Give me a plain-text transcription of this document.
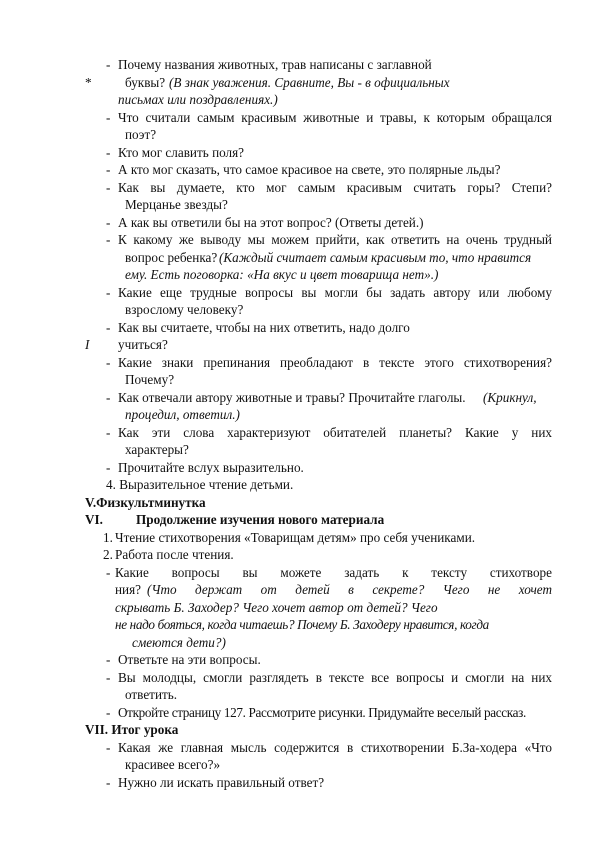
- Почему названия животных, трав написаны с заглавной
*	буквы? (В знак уважения. Сравните, Вы - в официальных
письмах или поздравлениях.)
- Что считали самым красивым животные и травы, к которым обращался
поэт?
- Кто мог славить поля?
- А кто мог сказать, что самое красивое на свете, это полярные льды?
- Как вы думаете, кто мог самым красивым считать горы? Степи?
Мерцанье звезды?
- А как вы ответили бы на этот вопрос? (Ответы детей.)
- К какому же выводу мы можем прийти, как ответить на очень трудный
вопрос ребенка? (Каждый считает самым красивым то, что нравится
ему. Есть поговорка: «На вкус и цвет товарища нет».)
- Какие еще трудные вопросы вы могли бы задать автору или любому
взрослому человеку?
- Как вы считаете, чтобы на них ответить, надо долго
I учиться?
- Какие знаки препинания преобладают в тексте этого стихотворения?
Почему?
- Как отвечали автору животные и травы? Прочитайте глаголы. (Крикнул,
процедил, ответил.)
- Как эти слова характеризуют обитателей планеты? Какие у них
характеры?
- Прочитайте вслух выразительно.
4. Выразительное чтение детьми.
V.Физкультминутка
VI.	Продолжение изучения нового материала
1. Чтение стихотворения «Товарищам детям» про себя учениками.
2. Работа после чтения.
- Какие вопросы вы можете задать к тексту стихотворе
ния? (Что держат от детей в секрете? Чего не хочет
скрывать Б. Заходер? Чего хочет автор от детей? Чего
не надо бояться, когда читаешь? Почему Б. Заходеру нравится, когда
смеются дети?)
- Ответьте на эти вопросы.
- Вы молодцы, смогли разглядеть в тексте все вопросы и смогли на них
ответить.
- Откройте страницу 127. Рассмотрите рисунки. Придумайте веселый рассказ.
VII. Итог урока
- Какая же главная мысль содержится в стихотворении Б.За-ходера «Что
красивее всего?»
- Нужно ли искать правильный ответ?
